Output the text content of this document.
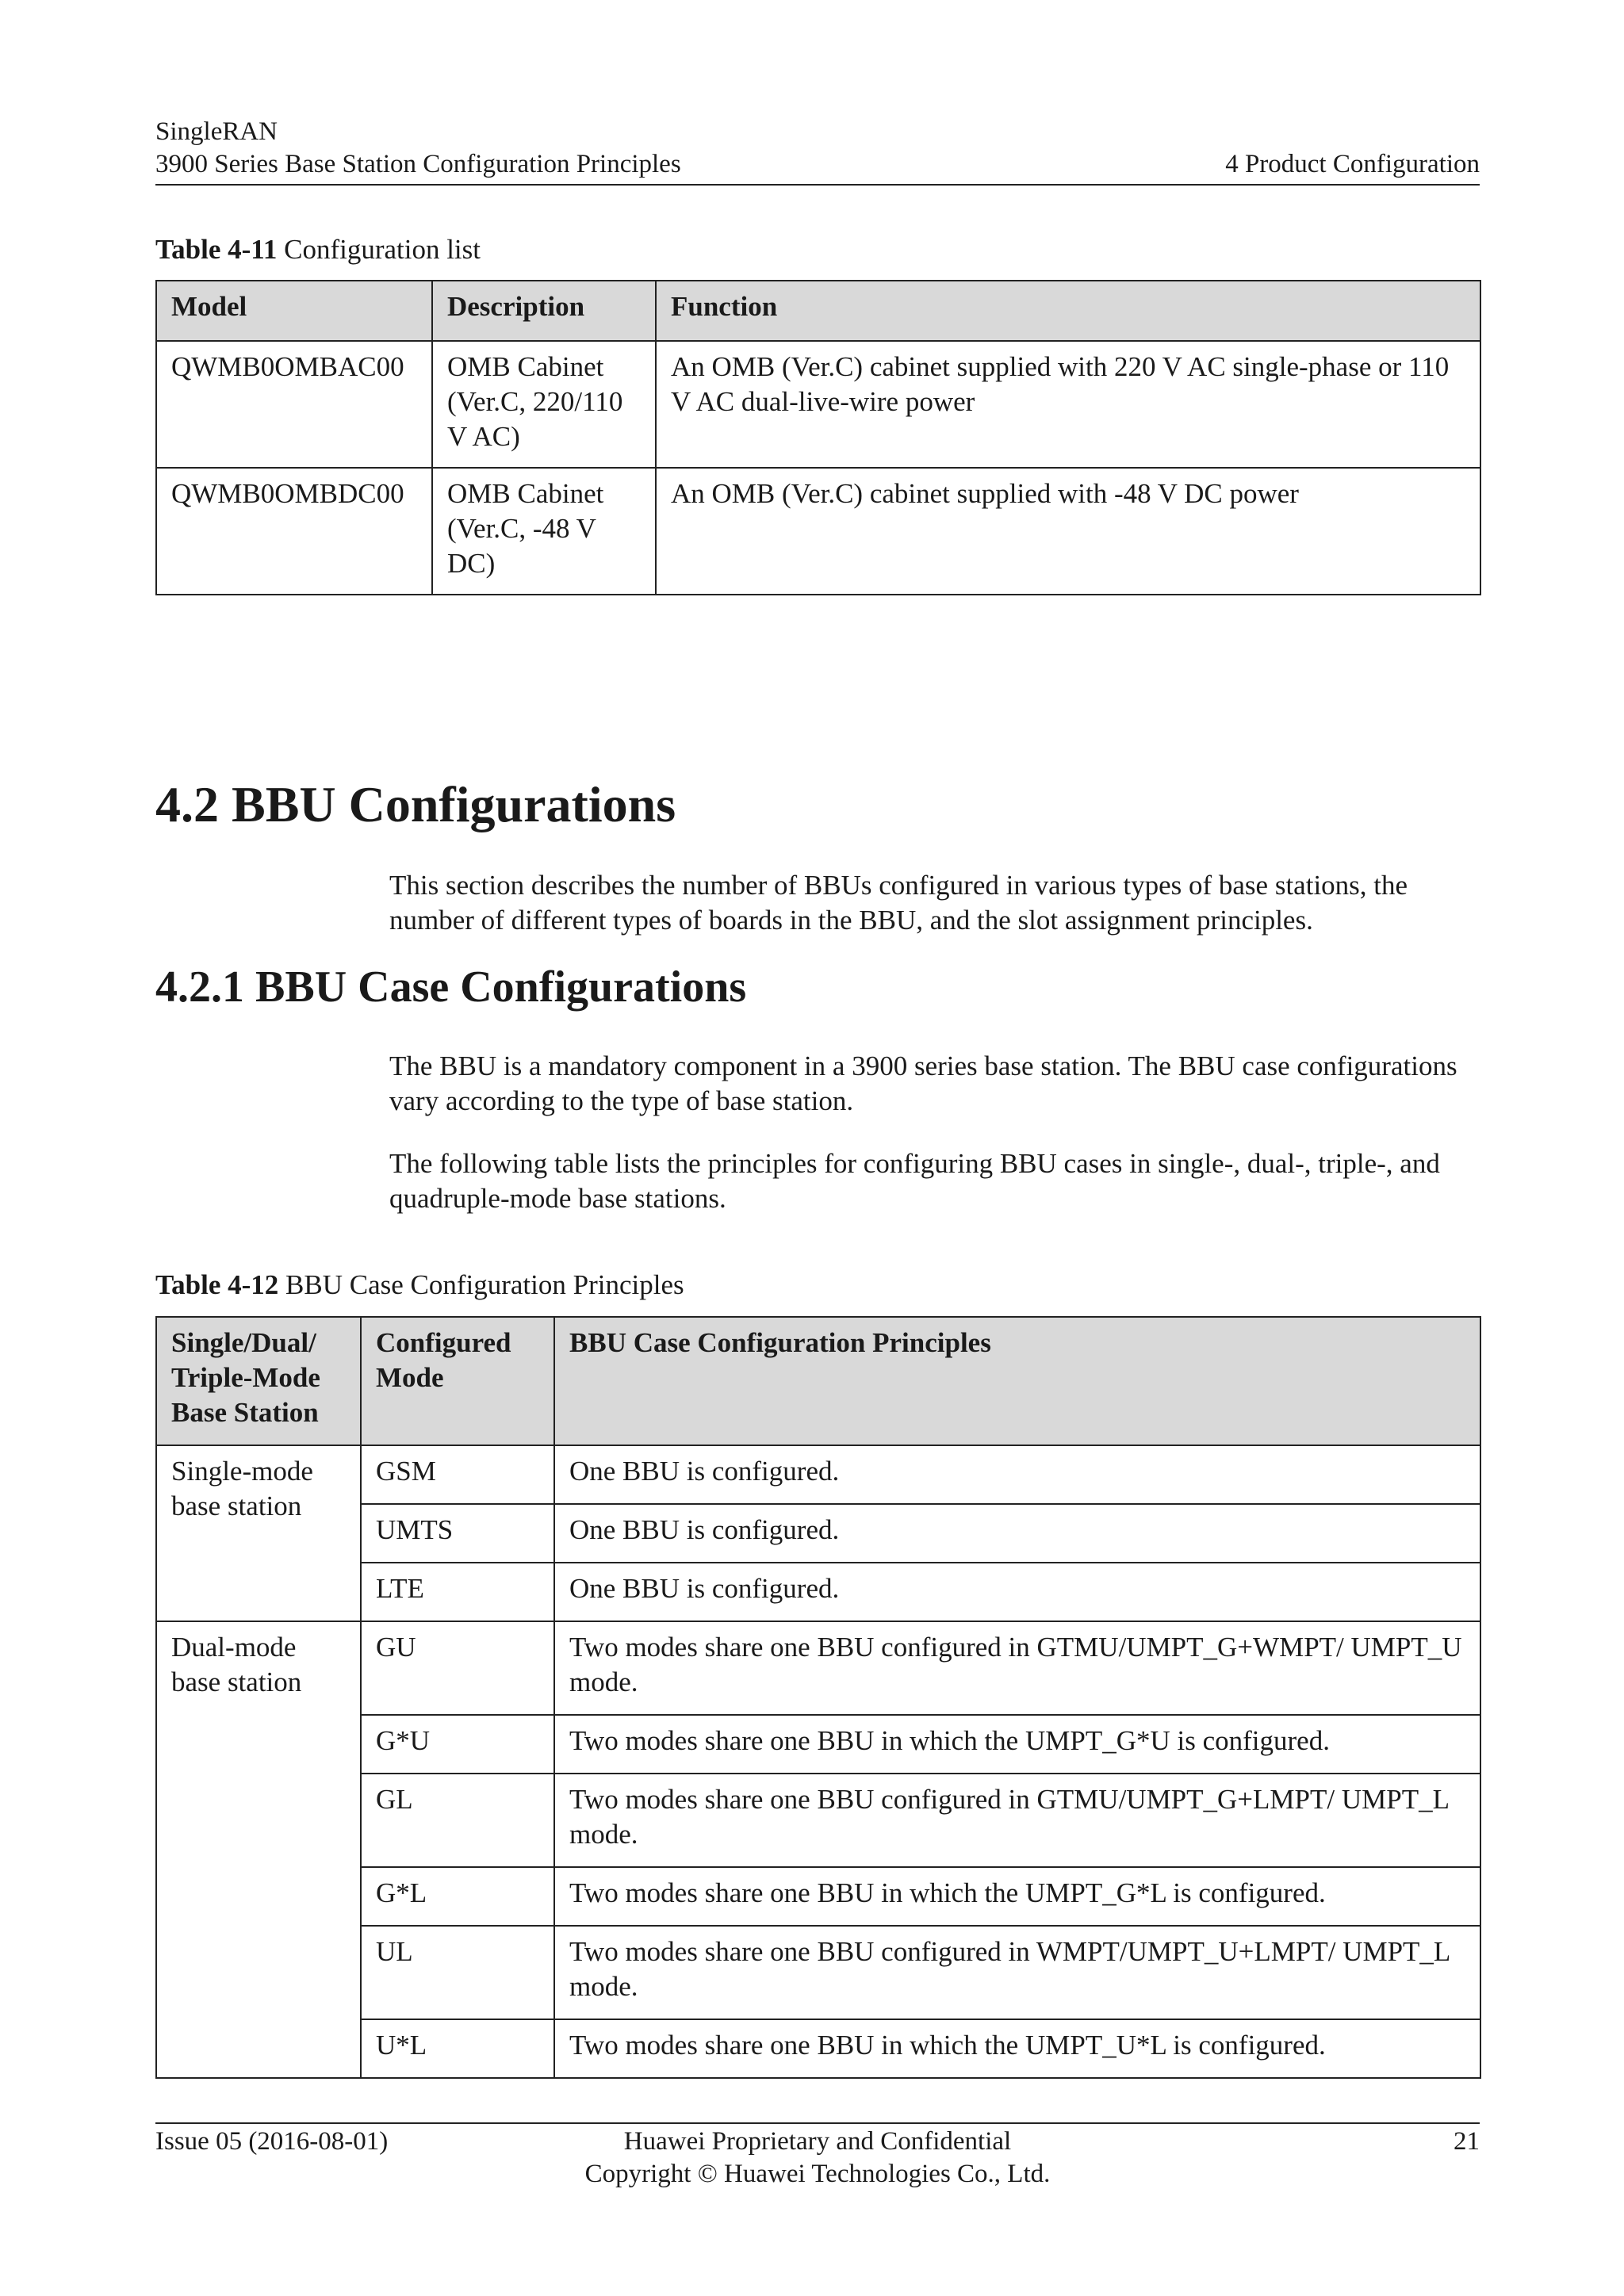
SingleRAN
3900 Series Base Station Configuration Principles	4 Product Configuration
Table 4-11 Configuration list
Model	Description	Function
QWMB0OMBAC00	OMB Cabinet (Ver.C, 220/110 V AC)	An OMB (Ver.C) cabinet supplied with 220 V AC single-phase or 110 V AC dual-live-wire power
QWMB0OMBDC00	OMB Cabinet (Ver.C, -48 V DC)	An OMB (Ver.C) cabinet supplied with -48 V DC power
4.2 BBU Configurations

This section describes the number of BBUs configured in various types of base stations, the number of different types of boards in the BBU, and the slot assignment principles.

4.2.1 BBU Case Configurations

The BBU is a mandatory component in a 3900 series base station. The BBU case configurations vary according to the type of base station.

The following table lists the principles for configuring BBU cases in single-, dual-, triple-, and quadruple-mode base stations.

Table 4-12 BBU Case Configuration Principles
Single/Dual/ Triple-Mode Base Station	Configured Mode	BBU Case Configuration Principles
Single-mode base station	GSM	One BBU is configured.
	UMTS	One BBU is configured.
	LTE	One BBU is configured.
Dual-mode base station	GU	Two modes share one BBU configured in GTMU/UMPT_G+WMPT/ UMPT_U mode.
	G*U	Two modes share one BBU in which the UMPT_G*U is configured.
	GL	Two modes share one BBU configured in GTMU/UMPT_G+LMPT/ UMPT_L mode.
	G*L	Two modes share one BBU in which the UMPT_G*L is configured.
	UL	Two modes share one BBU configured in WMPT/UMPT_U+LMPT/ UMPT_L mode.
	U*L	Two modes share one BBU in which the UMPT_U*L is configured.
Issue 05 (2016-08-01)	Huawei Proprietary and Confidential
Copyright © Huawei Technologies Co., Ltd.
21
